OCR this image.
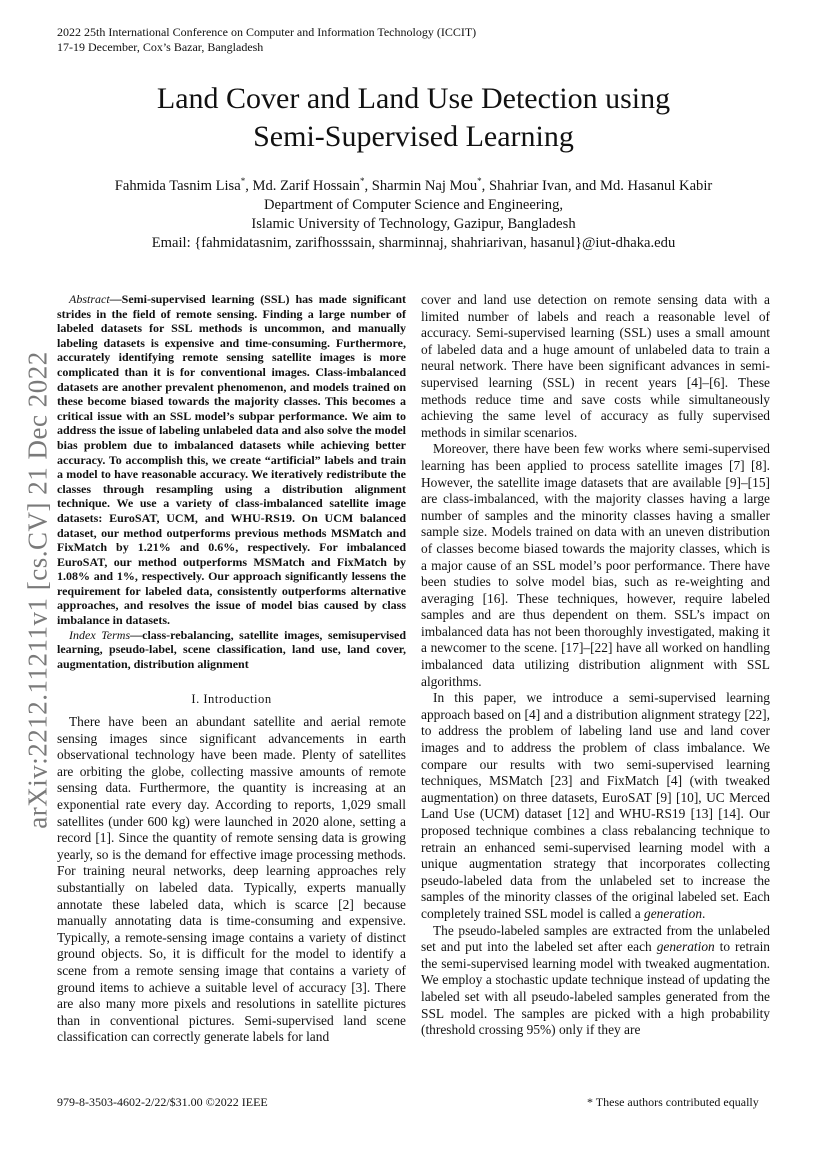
2022 25th International Conference on Computer and Information Technology (ICCIT)
17-19 December, Cox’s Bazar, Bangladesh
Land Cover and Land Use Detection using
Semi-Supervised Learning
Fahmida Tasnim Lisa*, Md. Zarif Hossain*, Sharmin Naj Mou*, Shahriar Ivan, and Md. Hasanul Kabir
Department of Computer Science and Engineering,
Islamic University of Technology, Gazipur, Bangladesh
Email: {fahmidatasnim, zarifhosssain, sharminnaj, shahriarivan, hasanul}@iut-dhaka.edu
arXiv:2212.11211v1 [cs.CV] 21 Dec 2022

Abstract—Semi-supervised learning (SSL) has made significant strides in the field of remote sensing. Finding a large number of labeled datasets for SSL methods is uncommon, and manually labeling datasets is expensive and time-consuming. Furthermore, accurately identifying remote sensing satellite images is more complicated than it is for conventional images. Class-imbalanced datasets are another prevalent phenomenon, and models trained on these become biased towards the majority classes. This becomes a critical issue with an SSL model’s subpar performance. We aim to address the issue of labeling unlabeled data and also solve the model bias problem due to imbalanced datasets while achieving better accuracy. To accomplish this, we create “artificial” labels and train a model to have reasonable accuracy. We iteratively redistribute the classes through resampling using a distribution alignment technique. We use a variety of class-imbalanced satellite image datasets: EuroSAT, UCM, and WHU-RS19. On UCM balanced dataset, our method outperforms previous methods MSMatch and FixMatch by 1.21% and 0.6%, respectively. For imbalanced EuroSAT, our method outperforms MSMatch and FixMatch by 1.08% and 1%, respectively. Our approach significantly lessens the requirement for labeled data, consistently outperforms alternative approaches, and resolves the issue of model bias caused by class imbalance in datasets.

Index Terms—class-rebalancing, satellite images, semisupervised learning, pseudo-label, scene classification, land use, land cover, augmentation, distribution alignment

I. Introduction

There have been an abundant satellite and aerial remote sensing images since significant advancements in earth observational technology have been made. Plenty of satellites are orbiting the globe, collecting massive amounts of remote sensing data. Furthermore, the quantity is increasing at an exponential rate every day. According to reports, 1,029 small satellites (under 600 kg) were launched in 2020 alone, setting a record [1]. Since the quantity of remote sensing data is growing yearly, so is the demand for effective image processing methods. For training neural networks, deep learning approaches rely substantially on labeled data. Typically, experts manually annotate these labeled data, which is scarce [2] because manually annotating data is time-consuming and expensive. Typically, a remote-sensing image contains a variety of distinct ground objects. So, it is difficult for the model to identify a scene from a remote sensing image that contains a variety of ground items to achieve a suitable level of accuracy [3]. There are also many more pixels and resolutions in satellite pictures than in conventional pictures. Semi-supervised land scene classification can correctly generate labels for land

cover and land use detection on remote sensing data with a limited number of labels and reach a reasonable level of accuracy. Semi-supervised learning (SSL) uses a small amount of labeled data and a huge amount of unlabeled data to train a neural network. There have been significant advances in semi-supervised learning (SSL) in recent years [4]–[6]. These methods reduce time and save costs while simultaneously achieving the same level of accuracy as fully supervised methods in similar scenarios.

Moreover, there have been few works where semi-supervised learning has been applied to process satellite images [7] [8]. However, the satellite image datasets that are available [9]–[15] are class-imbalanced, with the majority classes having a large number of samples and the minority classes having a smaller sample size. Models trained on data with an uneven distribution of classes become biased towards the majority classes, which is a major cause of an SSL model’s poor performance. There have been studies to solve model bias, such as re-weighting and averaging [16]. These techniques, however, require labeled samples and are thus dependent on them. SSL’s impact on imbalanced data has not been thoroughly investigated, making it a newcomer to the scene. [17]–[22] have all worked on handling imbalanced data utilizing distribution alignment with SSL algorithms.

In this paper, we introduce a semi-supervised learning approach based on [4] and a distribution alignment strategy [22], to address the problem of labeling land use and land cover images and to address the problem of class imbalance. We compare our results with two semi-supervised learning techniques, MSMatch [23] and FixMatch [4] (with tweaked augmentation) on three datasets, EuroSAT [9] [10], UC Merced Land Use (UCM) dataset [12] and WHU-RS19 [13] [14]. Our proposed technique combines a class rebalancing technique to retrain an enhanced semi-supervised learning model with a unique augmentation strategy that incorporates collecting pseudo-labeled data from the unlabeled set to increase the samples of the minority classes of the original labeled set. Each completely trained SSL model is called a generation.

The pseudo-labeled samples are extracted from the unlabeled set and put into the labeled set after each generation to retrain the semi-supervised learning model with tweaked augmentation. We employ a stochastic update technique instead of updating the labeled set with all pseudo-labeled samples generated from the SSL model. The samples are picked with a high probability (threshold crossing 95%) only if they are

979-8-3503-4602-2/22/$31.00 ©2022 IEEE	* These authors contributed equally
